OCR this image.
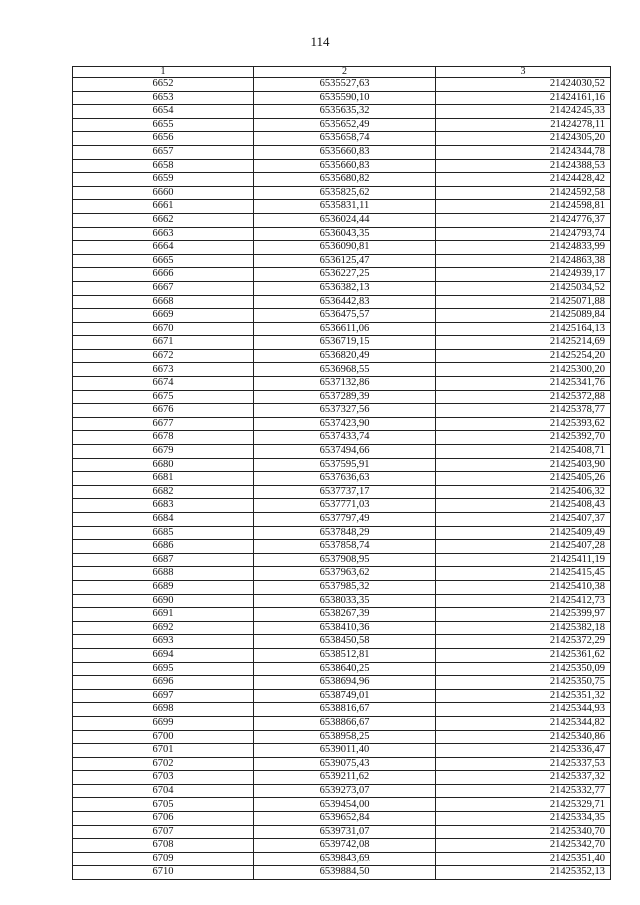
114
1	2	3
6652	6535527,63	21424030,52
6653	6535590,10	21424161,16
6654	6535635,32	21424245,33
6655	6535652,49	21424278,11
6656	6535658,74	21424305,20
6657	6535660,83	21424344,78
6658	6535660,83	21424388,53
6659	6535680,82	21424428,42
6660	6535825,62	21424592,58
6661	6535831,11	21424598,81
6662	6536024,44	21424776,37
6663	6536043,35	21424793,74
6664	6536090,81	21424833,99
6665	6536125,47	21424863,38
6666	6536227,25	21424939,17
6667	6536382,13	21425034,52
6668	6536442,83	21425071,88
6669	6536475,57	21425089,84
6670	6536611,06	21425164,13
6671	6536719,15	21425214,69
6672	6536820,49	21425254,20
6673	6536968,55	21425300,20
6674	6537132,86	21425341,76
6675	6537289,39	21425372,88
6676	6537327,56	21425378,77
6677	6537423,90	21425393,62
6678	6537433,74	21425392,70
6679	6537494,66	21425408,71
6680	6537595,91	21425403,90
6681	6537636,63	21425405,26
6682	6537737,17	21425406,32
6683	6537771,03	21425408,43
6684	6537797,49	21425407,37
6685	6537848,29	21425409,49
6686	6537858,74	21425407,28
6687	6537908,95	21425411,19
6688	6537963,62	21425415,45
6689	6537985,32	21425410,38
6690	6538033,35	21425412,73
6691	6538267,39	21425399,97
6692	6538410,36	21425382,18
6693	6538450,58	21425372,29
6694	6538512,81	21425361,62
6695	6538640,25	21425350,09
6696	6538694,96	21425350,75
6697	6538749,01	21425351,32
6698	6538816,67	21425344,93
6699	6538866,67	21425344,82
6700	6538958,25	21425340,86
6701	6539011,40	21425336,47
6702	6539075,43	21425337,53
6703	6539211,62	21425337,32
6704	6539273,07	21425332,77
6705	6539454,00	21425329,71
6706	6539652,84	21425334,35
6707	6539731,07	21425340,70
6708	6539742,08	21425342,70
6709	6539843,69	21425351,40
6710	6539884,50	21425352,13
